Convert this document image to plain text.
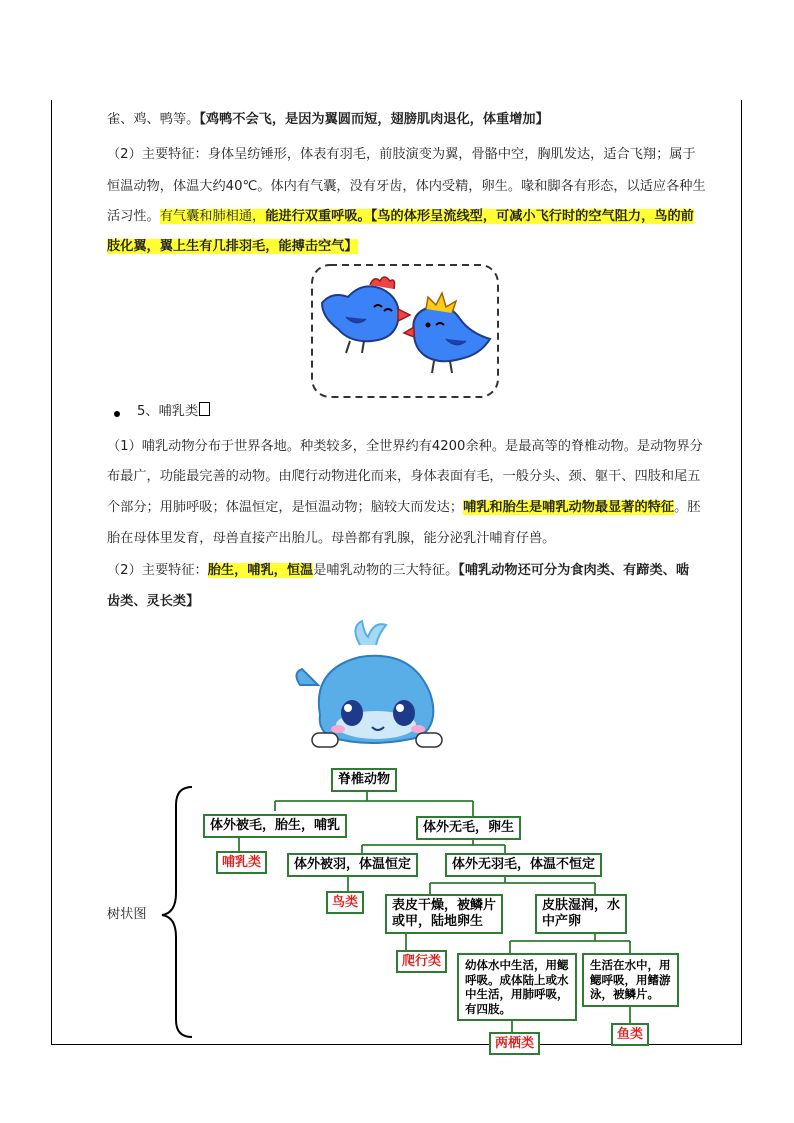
雀、鸡、鸭等。【鸡鸭不会飞，是因为翼圆而短，翅膀肌肉退化，体重增加】
（2）主要特征：身体呈纺锤形，体表有羽毛，前肢演变为翼，骨骼中空，胸肌发达，适合飞翔；属于
恒温动物，体温大约40℃。体内有气囊，没有牙齿，体内受精，卵生。喙和脚各有形态，以适应各种生
活习性。有气囊和肺相通，能进行双重呼吸。【鸟的体形呈流线型，可减小飞行时的空气阻力，鸟的前
肢化翼，翼上生有几排羽毛，能搏击空气】
5、哺乳类
（1）哺乳动物分布于世界各地。种类较多，全世界约有4200余种。是最高等的脊椎动物。是动物界分
布最广，功能最完善的动物。由爬行动物进化而来，身体表面有毛，一般分头、颈、躯干、四肢和尾五
个部分；用肺呼吸；体温恒定，是恒温动物；脑较大而发达；哺乳和胎生是哺乳动物最显著的特征。胚
胎在母体里发育，母兽直接产出胎儿。母兽都有乳腺，能分泌乳汁哺育仔兽。
（2）主要特征：胎生，哺乳，恒温是哺乳动物的三大特征。【哺乳动物还可分为食肉类、有蹄类、啮
齿类、灵长类】
树状图
脊椎动物
体外被毛，胎生，哺乳	体外无毛，卵生
哺乳类	体外被羽，体温恒定	体外无羽毛，体温不恒定
鸟类	表皮干燥，被鳞片
或甲，陆地卵生
皮肤湿润，水
中产卵
爬行类	幼体水中生活，用鳃
呼吸。成体陆上或水
中生活，用肺呼吸，
有四肢。
生活在水中，用
鳃呼吸，用鳍游
泳，被鳞片。
两栖类
鱼类
